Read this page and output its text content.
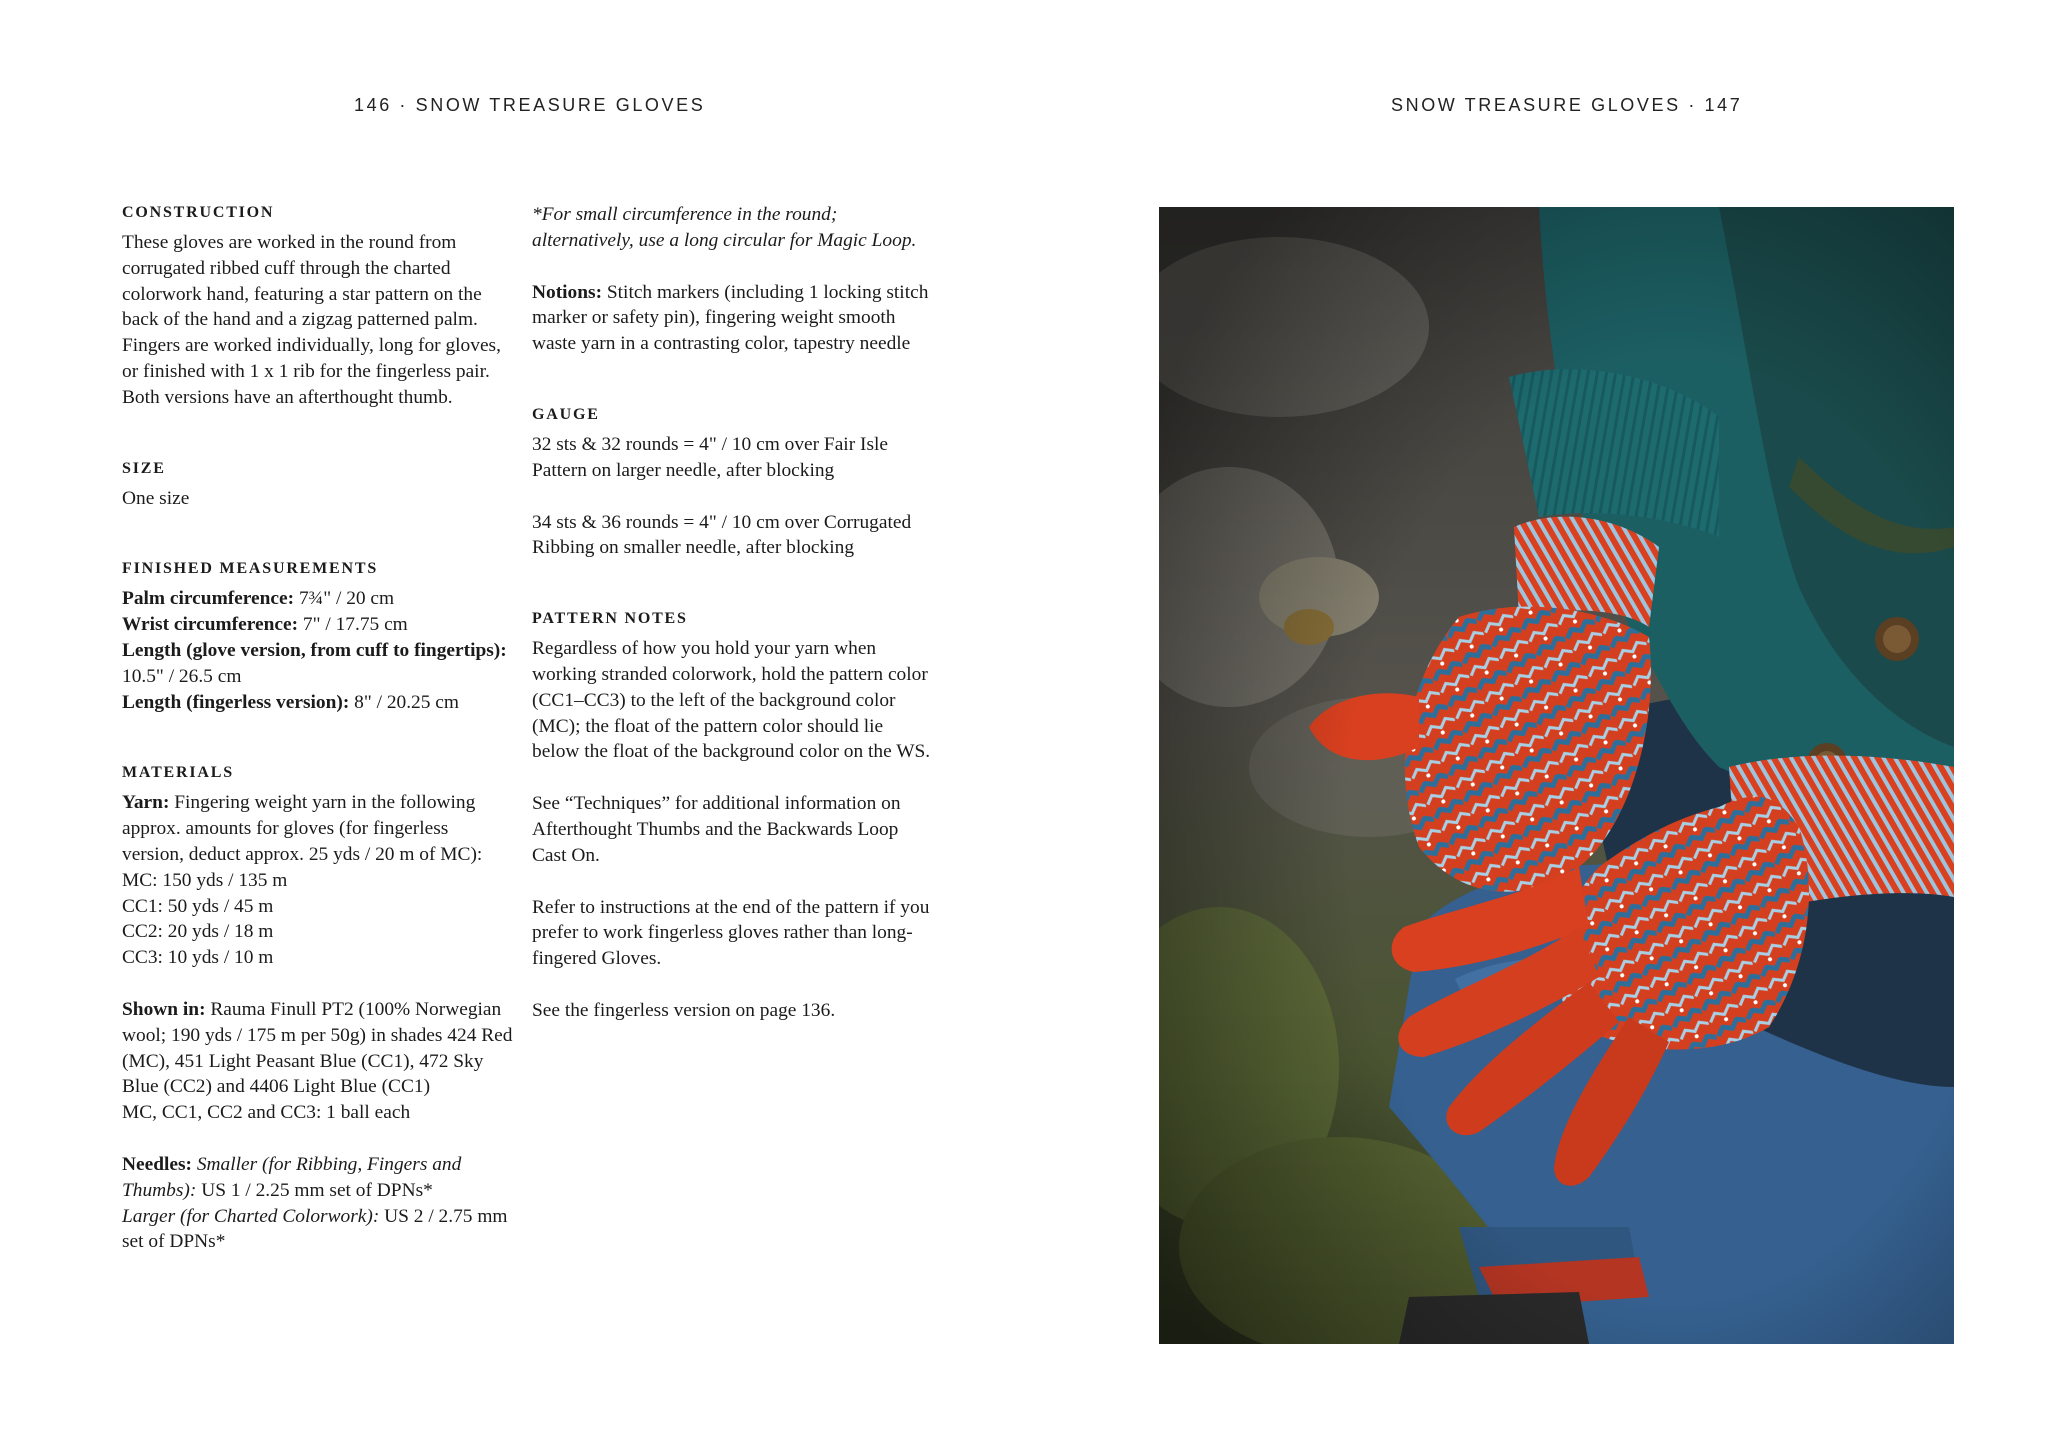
146 · SNOW TREASURE GLOVES	SNOW TREASURE GLOVES · 147
CONSTRUCTION

These gloves are worked in the round from corrugated ribbed cuff through the charted colorwork hand, featuring a star pattern on the back of the hand and a zigzag patterned palm. Fingers are worked individually, long for gloves, or finished with 1 x 1 rib for the fingerless pair. Both versions have an afterthought thumb.

SIZE

One size

FINISHED MEASUREMENTS

Palm circumference: 7¾" / 20 cm

Wrist circumference: 7" / 17.75 cm

Length (glove version, from cuff to fingertips): 10.5" / 26.5 cm

Length (fingerless version): 8" / 20.25 cm

MATERIALS

Yarn: Fingering weight yarn in the following approx. amounts for gloves (for fingerless version, deduct approx. 25 yds / 20 m of MC):
MC: 150 yds / 135 m
CC1: 50 yds / 45 m
CC2: 20 yds / 18 m
CC3: 10 yds / 10 m

Shown in: Rauma Finull PT2 (100% Norwegian wool; 190 yds / 175 m per 50g) in shades 424 Red (MC), 451 Light Peasant Blue (CC1), 472 Sky Blue (CC2) and 4406 Light Blue (CC1)
MC, CC1, CC2 and CC3: 1 ball each

Needles: Smaller (for Ribbing, Fingers and Thumbs): US 1 / 2.25 mm set of DPNs*
Larger (for Charted Colorwork): US 2 / 2.75 mm set of DPNs*

*For small circumference in the round; alternatively, use a long circular for Magic Loop.

Notions: Stitch markers (including 1 locking stitch marker or safety pin), fingering weight smooth waste yarn in a contrasting color, tapestry needle

GAUGE

32 sts & 32 rounds = 4" / 10 cm over Fair Isle Pattern on larger needle, after blocking

34 sts & 36 rounds = 4" / 10 cm over Corrugated Ribbing on smaller needle, after blocking

PATTERN NOTES

Regardless of how you hold your yarn when working stranded colorwork, hold the pattern color (CC1–CC3) to the left of the background color (MC); the float of the pattern color should lie below the float of the background color on the WS.

See “Techniques” for additional information on Afterthought Thumbs and the Backwards Loop Cast On.

Refer to instructions at the end of the pattern if you prefer to work fingerless gloves rather than long-fingered Gloves.

See the fingerless version on page 136.
